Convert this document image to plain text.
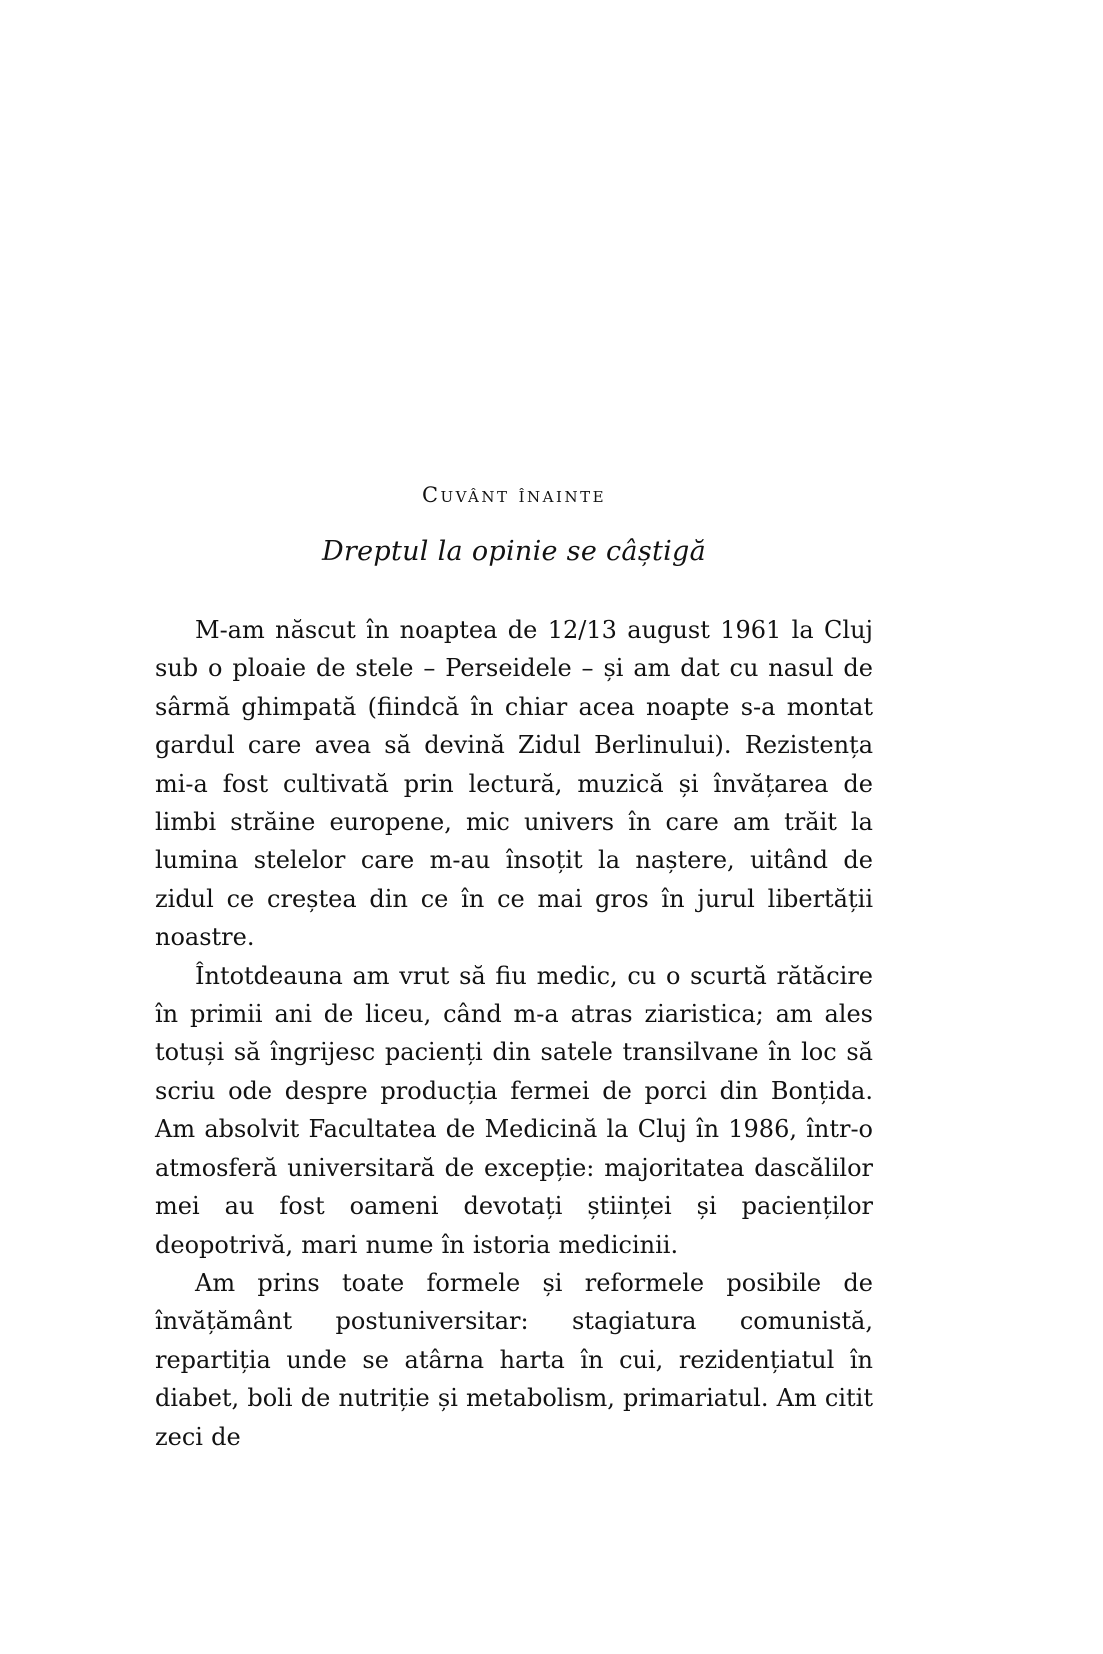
Cuvânt înainte
Dreptul la opinie se câștigă

M-am născut în noaptea de 12/13 august 1961 la Cluj sub o ploaie de stele – Perseidele – și am dat cu nasul de sârmă ghimpată (fiindcă în chiar acea noapte s-a montat gardul care avea să devină Zidul Berlinului). Rezistența mi-a fost cultivată prin lectură, muzică și învățarea de limbi străine europene, mic univers în care am trăit la lumina stelelor care m-au însoțit la naștere, uitând de zidul ce creștea din ce în ce mai gros în jurul libertății noastre.

Întotdeauna am vrut să fiu medic, cu o scurtă rătăcire în primii ani de liceu, când m-a atras ziaristica; am ales totuși să îngrijesc pacienți din satele transilvane în loc să scriu ode despre producția fermei de porci din Bonțida. Am absolvit Facultatea de Medicină la Cluj în 1986, într-o atmosferă universitară de excepție: majoritatea dascălilor mei au fost oameni devotați științei și pacienților deopotrivă, mari nume în istoria medicinii.

Am prins toate formele și reformele posibile de învățământ postuniversitar: stagiatura comunistă, repartiția unde se atârna harta în cui, rezidențiatul în diabet, boli de nutriție și metabolism, primariatul. Am citit zeci de
